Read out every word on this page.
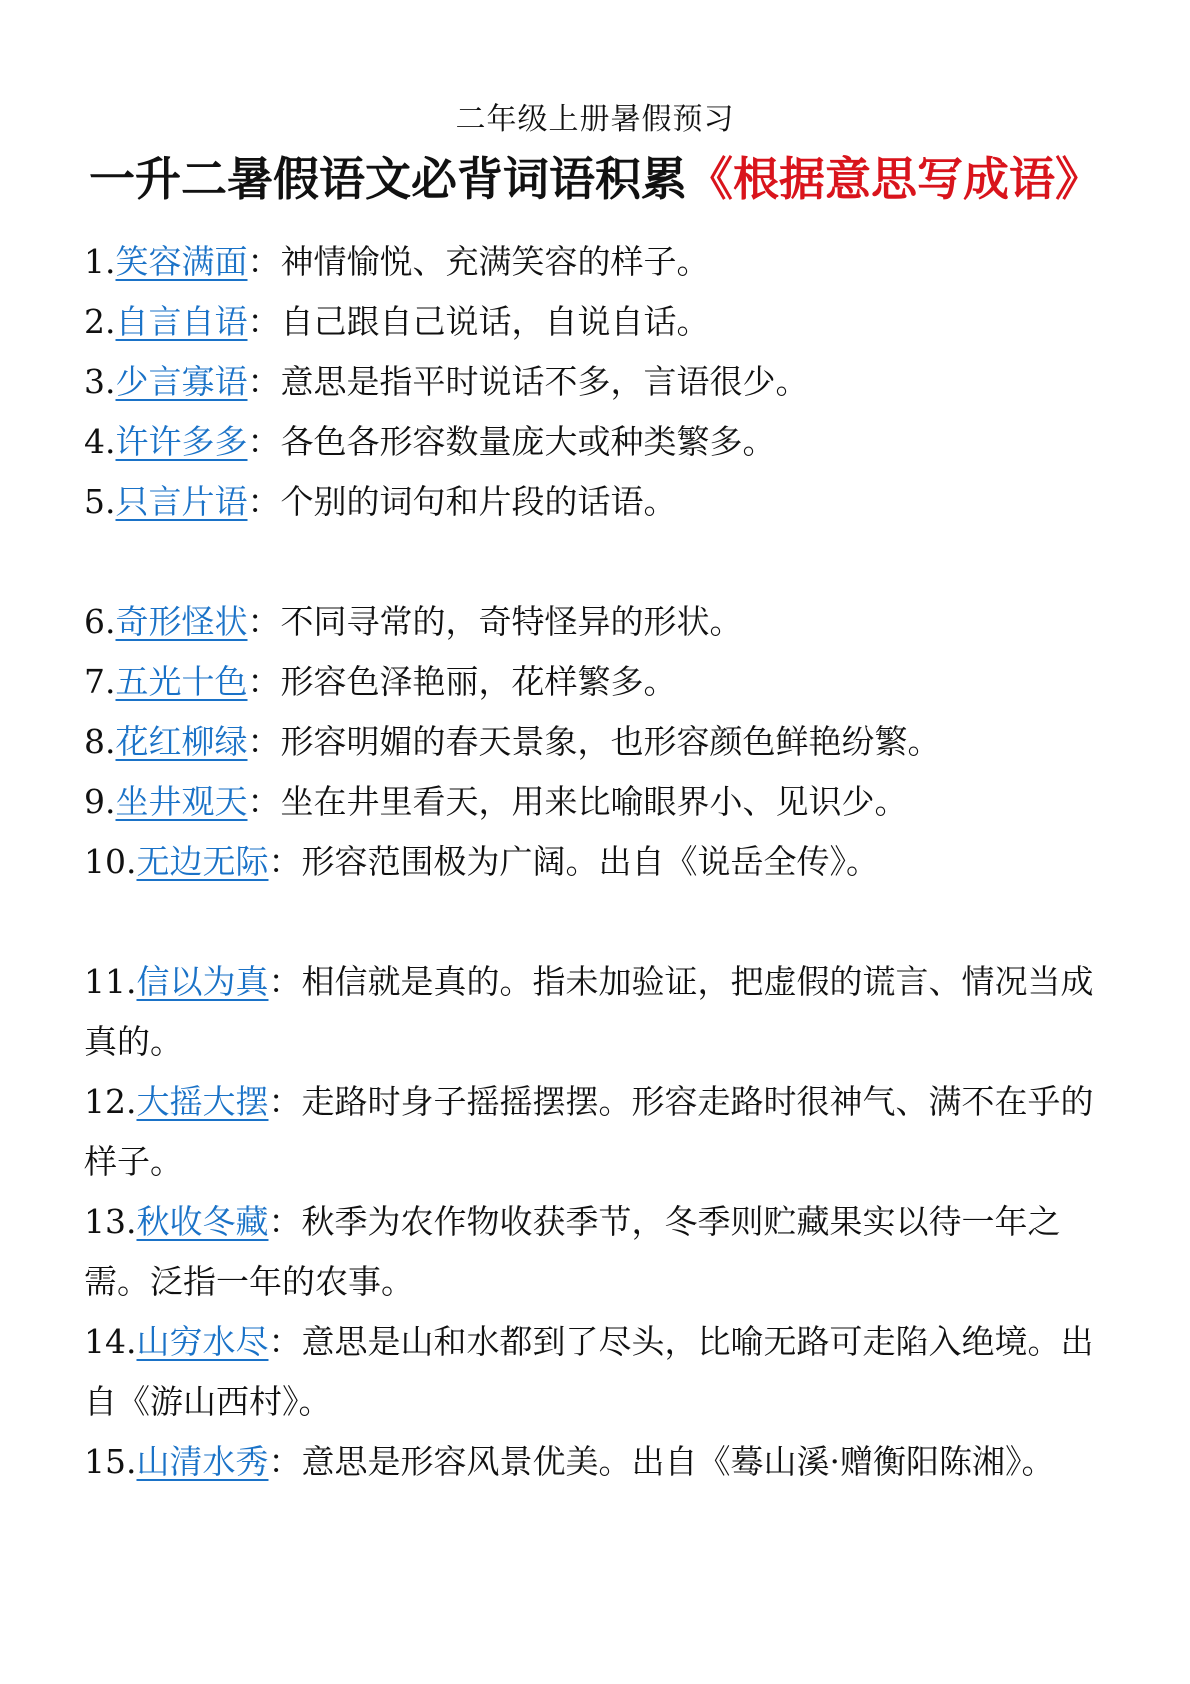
二年级上册暑假预习
一升二暑假语文必背词语积累《根据意思写成语》

1.笑容满面：神情愉悦、充满笑容的样子。

2.自言自语：自己跟自己说话，自说自话。

3.少言寡语：意思是指平时说话不多，言语很少。

4.许许多多：各色各形容数量庞大或种类繁多。

5.只言片语：个别的词句和片段的话语。

6.奇形怪状：不同寻常的，奇特怪异的形状。

7.五光十色：形容色泽艳丽，花样繁多。

8.花红柳绿：形容明媚的春天景象，也形容颜色鲜艳纷繁。

9.坐井观天：坐在井里看天，用来比喻眼界小、见识少。

10.无边无际：形容范围极为广阔。出自《说岳全传》。

11.信以为真：相信就是真的。指未加验证，把虚假的谎言、情况当成真的。

12.大摇大摆：走路时身子摇摇摆摆。形容走路时很神气、满不在乎的样子。

13.秋收冬藏：秋季为农作物收获季节，冬季则贮藏果实以待一年之需。泛指一年的农事。

14.山穷水尽：意思是山和水都到了尽头，比喻无路可走陷入绝境。出自《游山西村》。

15.山清水秀：意思是形容风景优美。出自《蓦山溪·赠衡阳陈湘》。
